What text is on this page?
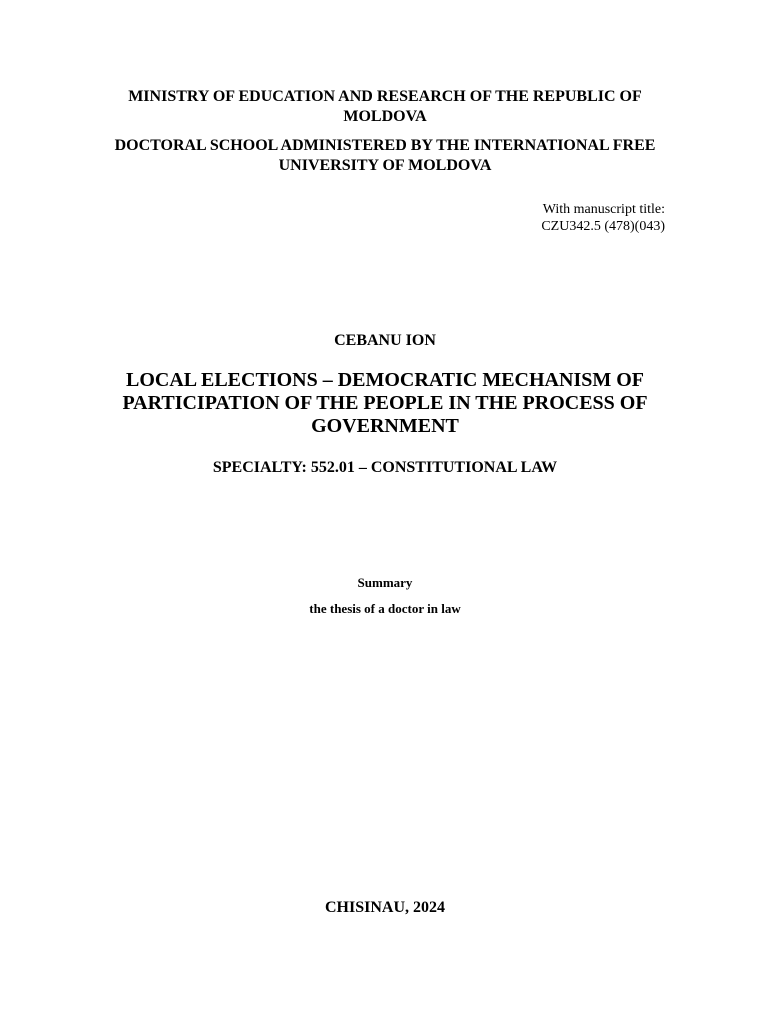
MINISTRY OF EDUCATION AND RESEARCH OF THE REPUBLIC OF MOLDOVA
DOCTORAL SCHOOL ADMINISTERED BY THE INTERNATIONAL FREE UNIVERSITY OF MOLDOVA
With manuscript title:
CZU342.5 (478)(043)
CEBANU ION
LOCAL ELECTIONS – DEMOCRATIC MECHANISM OF PARTICIPATION OF THE PEOPLE IN THE PROCESS OF GOVERNMENT
SPECIALTY: 552.01 – CONSTITUTIONAL LAW
Summary
the thesis of a doctor in law
CHISINAU, 2024
